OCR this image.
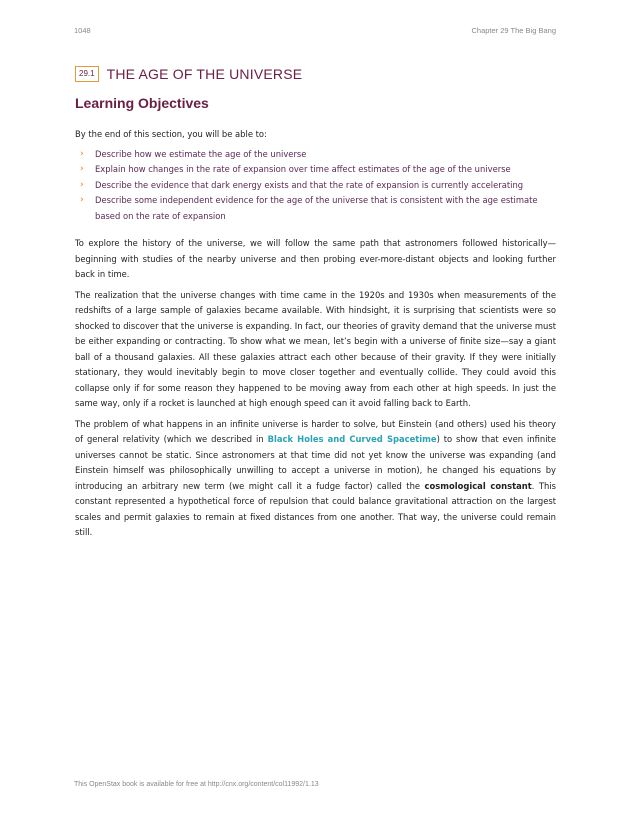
1048	Chapter 29 The Big Bang
29.1 THE AGE OF THE UNIVERSE
Learning Objectives

By the end of this section, you will be able to:

› Describe how we estimate the age of the universe
› Explain how changes in the rate of expansion over time affect estimates of the age of the universe
› Describe the evidence that dark energy exists and that the rate of expansion is currently accelerating
› Describe some independent evidence for the age of the universe that is consistent with the age estimate based on the rate of expansion

To explore the history of the universe, we will follow the same path that astronomers followed historically—beginning with studies of the nearby universe and then probing ever-more-distant objects and looking further back in time.

The realization that the universe changes with time came in the 1920s and 1930s when measurements of the redshifts of a large sample of galaxies became available. With hindsight, it is surprising that scientists were so shocked to discover that the universe is expanding. In fact, our theories of gravity demand that the universe must be either expanding or contracting. To show what we mean, let’s begin with a universe of finite size—say a giant ball of a thousand galaxies. All these galaxies attract each other because of their gravity. If they were initially stationary, they would inevitably begin to move closer together and eventually collide. They could avoid this collapse only if for some reason they happened to be moving away from each other at high speeds. In just the same way, only if a rocket is launched at high enough speed can it avoid falling back to Earth.

The problem of what happens in an infinite universe is harder to solve, but Einstein (and others) used his theory of general relativity (which we described in Black Holes and Curved Spacetime) to show that even infinite universes cannot be static. Since astronomers at that time did not yet know the universe was expanding (and Einstein himself was philosophically unwilling to accept a universe in motion), he changed his equations by introducing an arbitrary new term (we might call it a fudge factor) called the cosmological constant. This constant represented a hypothetical force of repulsion that could balance gravitational attraction on the largest scales and permit galaxies to remain at fixed distances from one another. That way, the universe could remain still.

This OpenStax book is available for free at http://cnx.org/content/col11992/1.13
